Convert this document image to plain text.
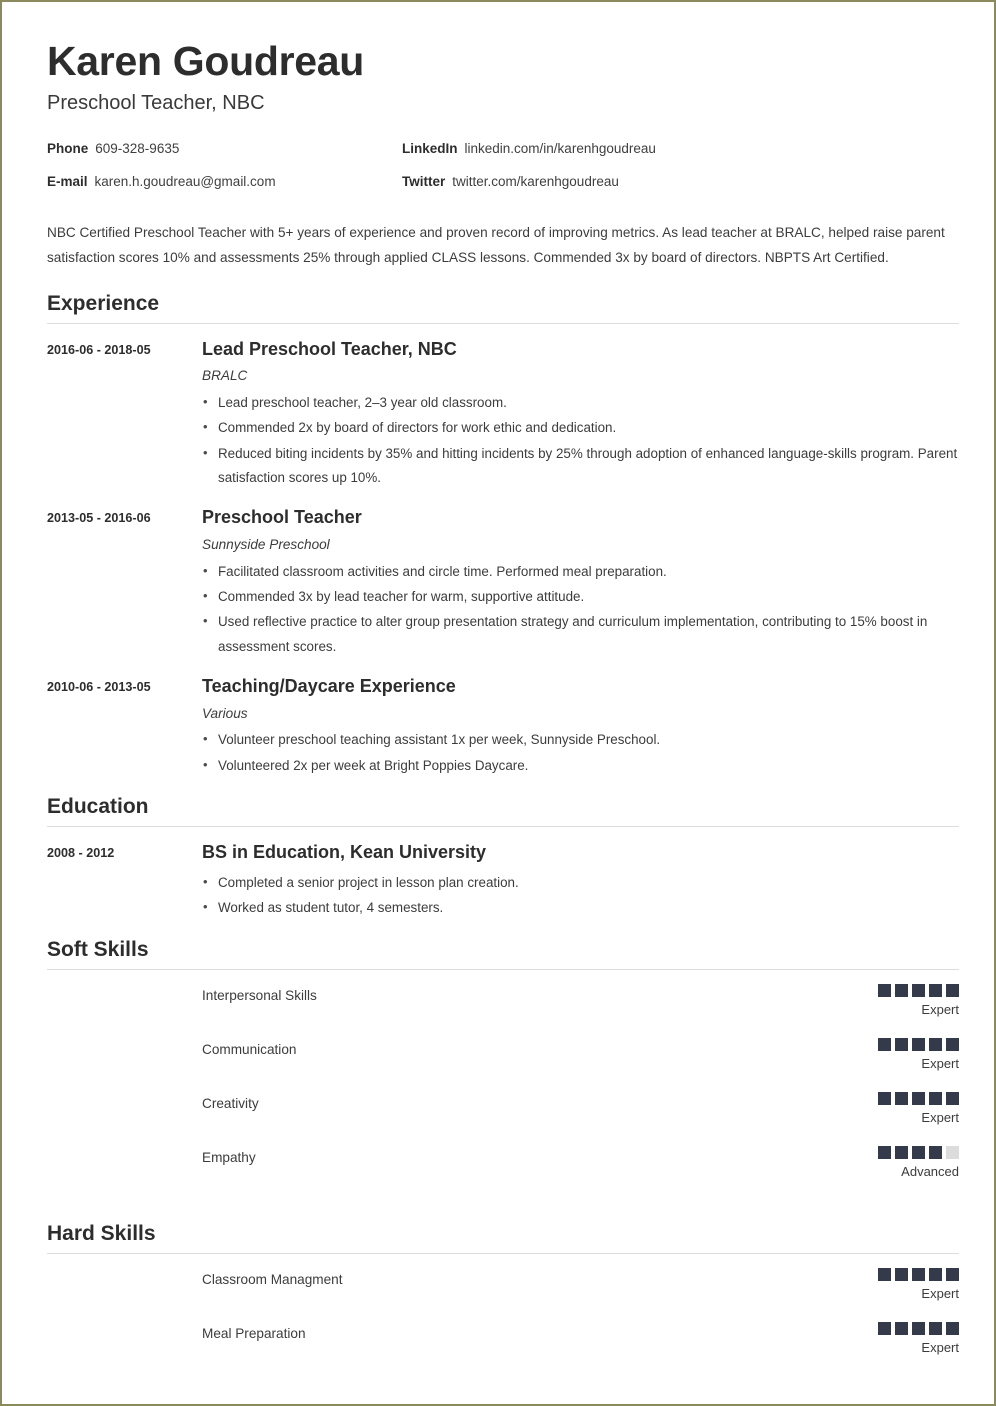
Karen Goudreau
Preschool Teacher, NBC
Phone 609-328-9635	LinkedIn linkedin.com/in/karenhgoudreau
E-mail karen.h.goudreau@gmail.com	Twitter twitter.com/karenhgoudreau

NBC Certified Preschool Teacher with 5+ years of experience and proven record of improving metrics. As lead teacher at BRALC, helped raise parent satisfaction scores 10% and assessments 25% through applied CLASS lessons. Commended 3x by board of directors. NBPTS Art Certified.

Experience
2016-06 - 2018-05	Lead Preschool Teacher, NBC
BRALC
• Lead preschool teacher, 2–3 year old classroom.
• Commended 2x by board of directors for work ethic and dedication.
• Reduced biting incidents by 35% and hitting incidents by 25% through adoption of enhanced language-skills program. Parent satisfaction scores up 10%.
2013-05 - 2016-06	Preschool Teacher
Sunnyside Preschool
• Facilitated classroom activities and circle time. Performed meal preparation.
• Commended 3x by lead teacher for warm, supportive attitude.
• Used reflective practice to alter group presentation strategy and curriculum implementation, contributing to 15% boost in assessment scores.
2010-06 - 2013-05	Teaching/Daycare Experience
Various
• Volunteer preschool teaching assistant 1x per week, Sunnyside Preschool.
• Volunteered 2x per week at Bright Poppies Daycare.
Education
2008 - 2012	BS in Education, Kean University
• Completed a senior project in lesson plan creation.
• Worked as student tutor, 4 semesters.
Soft Skills
Interpersonal Skills
Expert
Communication
Expert
Creativity
Expert
Empathy
Advanced
Hard Skills
Classroom Managment
Expert
Meal Preparation
Expert
